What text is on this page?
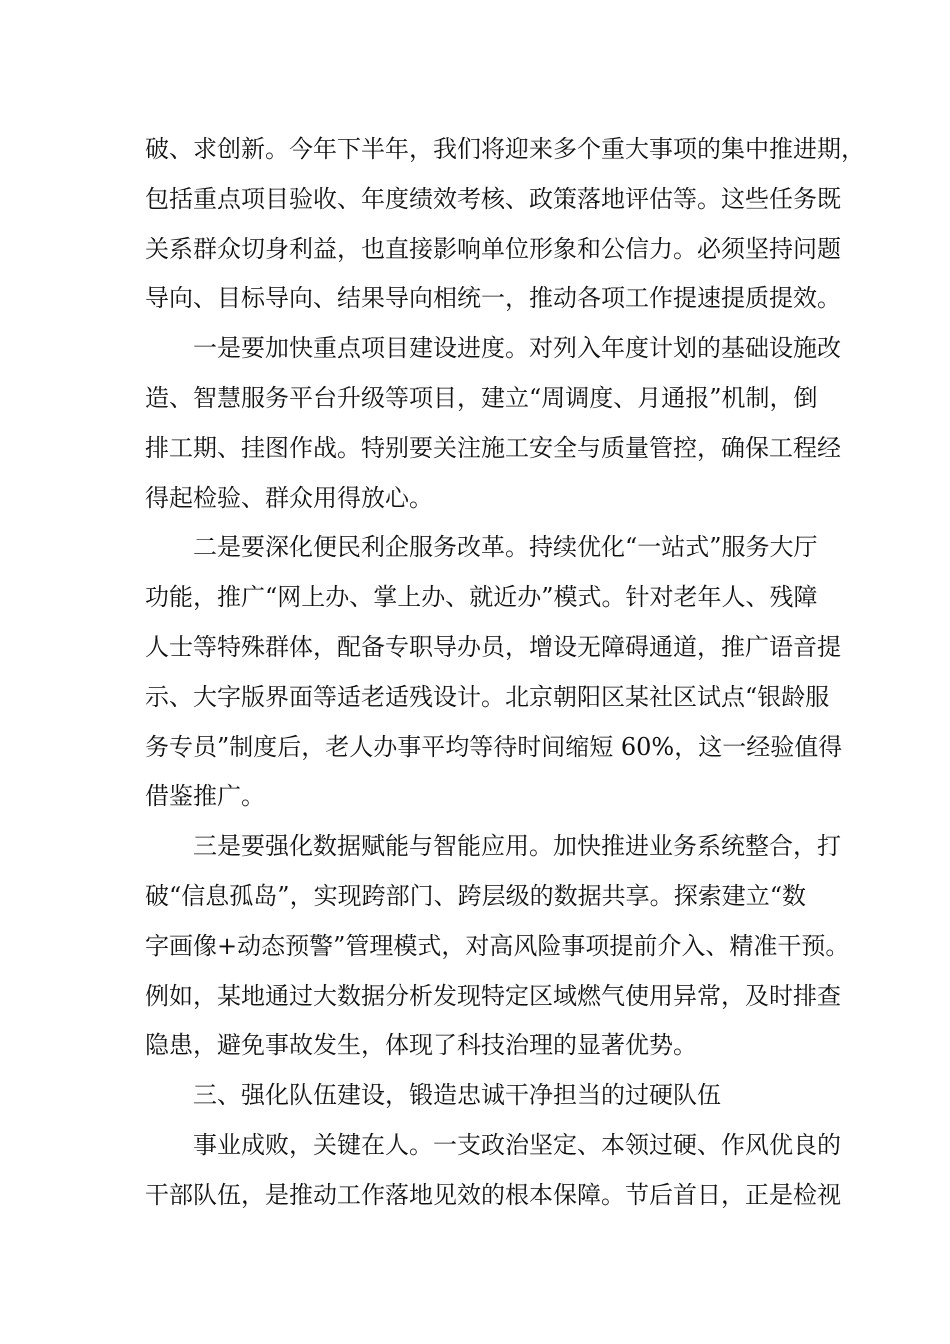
破、求创新。今年下半年，我们将迎来多个重大事项的集中推进期，
包括重点项目验收、年度绩效考核、政策落地评估等。这些任务既
关系群众切身利益，也直接影响单位形象和公信力。必须坚持问题
导向、目标导向、结果导向相统一，推动各项工作提速提质提效。
一是要加快重点项目建设进度。对列入年度计划的基础设施改
造、智慧服务平台升级等项目，建立“周调度、月通报”机制，倒
排工期、挂图作战。特别要关注施工安全与质量管控，确保工程经
得起检验、群众用得放心。
二是要深化便民利企服务改革。持续优化“一站式”服务大厅
功能，推广“网上办、掌上办、就近办”模式。针对老年人、残障
人士等特殊群体，配备专职导办员，增设无障碍通道，推广语音提
示、大字版界面等适老适残设计。北京朝阳区某社区试点“银龄服
务专员”制度后，老人办事平均等待时间缩短 60%，这一经验值得
借鉴推广。
三是要强化数据赋能与智能应用。加快推进业务系统整合，打
破“信息孤岛”，实现跨部门、跨层级的数据共享。探索建立“数
字画像+动态预警”管理模式，对高风险事项提前介入、精准干预。
例如，某地通过大数据分析发现特定区域燃气使用异常，及时排查
隐患，避免事故发生，体现了科技治理的显著优势。
三、强化队伍建设，锻造忠诚干净担当的过硬队伍
事业成败，关键在人。一支政治坚定、本领过硬、作风优良的
干部队伍，是推动工作落地见效的根本保障。节后首日，正是检视
